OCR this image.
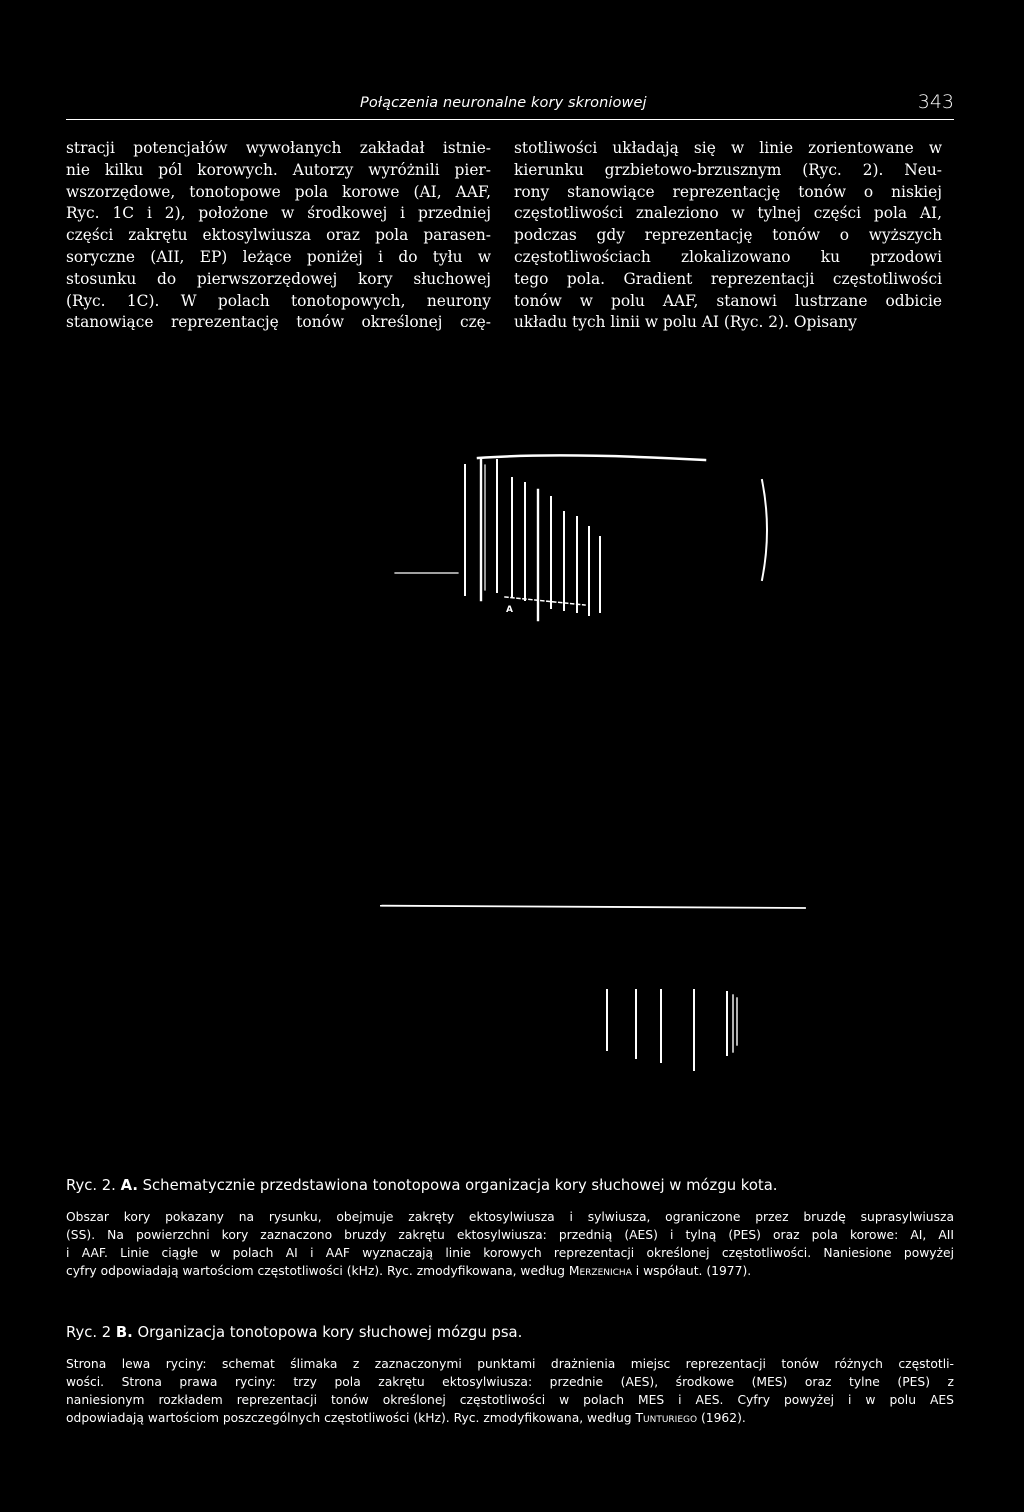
Połączenia neuronalne kory skroniowej	343
stracji potencjałów wywołanych zakładał istnie-
nie kilku pól korowych. Autorzy wyróżnili pier-
wszorzędowe, tonotopowe pola korowe (AI, AAF,
Ryc. 1C i 2), położone w środkowej i przedniej
części zakrętu ektosylwiusza oraz pola parasen-
soryczne (AII, EP) leżące poniżej i do tyłu w
stosunku do pierwszorzędowej kory słuchowej
(Ryc. 1C). W polach tonotopowych, neurony
stanowiące reprezentację tonów określonej czę-
stotliwości układają się w linie zorientowane w
kierunku grzbietowo-brzusznym (Ryc. 2). Neu-
rony stanowiące reprezentację tonów o niskiej
częstotliwości znaleziono w tylnej części pola AI,
podczas gdy reprezentację tonów o wyższych
częstotliwościach zlokalizowano ku przodowi
tego pola. Gradient reprezentacji częstotliwości
tonów w polu AAF, stanowi lustrzane odbicie
układu tych linii w polu AI (Ryc. 2). Opisany
A
Ryc. 2. A. Schematycznie przedstawiona tonotopowa organizacja kory słuchowej w mózgu kota.
Obszar kory pokazany na rysunku, obejmuje zakręty ektosylwiusza i sylwiusza, ograniczone przez bruzdę suprasylwiusza
(SS). Na powierzchni kory zaznaczono bruzdy zakrętu ektosylwiusza: przednią (AES) i tylną (PES) oraz pola korowe: AI, AII
i AAF. Linie ciągłe w polach AI i AAF wyznaczają linie korowych reprezentacji określonej częstotliwości. Naniesione powyżej
cyfry odpowiadają wartościom częstotliwości (kHz). Ryc. zmodyfikowana, według Merzenicha i współaut. (1977).
Ryc. 2 B. Organizacja tonotopowa kory słuchowej mózgu psa.
Strona lewa ryciny: schemat ślimaka z zaznaczonymi punktami drażnienia miejsc reprezentacji tonów różnych częstotli-
wości. Strona prawa ryciny: trzy pola zakrętu ektosylwiusza: przednie (AES), środkowe (MES) oraz tylne (PES) z
naniesionym rozkładem reprezentacji tonów określonej częstotliwości w polach MES i AES. Cyfry powyżej i w polu AES
odpowiadają wartościom poszczególnych częstotliwości (kHz). Ryc. zmodyfikowana, według Tunturiego (1962).
